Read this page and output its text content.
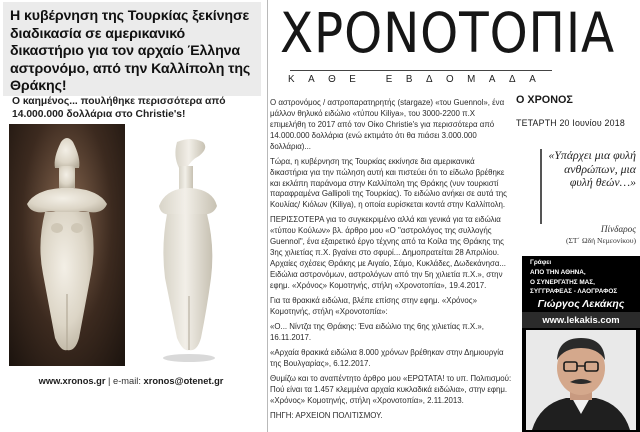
Η κυβέρνηση της Τουρκίας ξεκίνησε διαδικασία σε αμερικανικό δικαστήριο για τον αρχαίο Έλληνα αστρονόμο, από την Καλλίπολη της Θράκης!
Ο καημένος... πουλήθηκε περισσότερα από 14.000.000 δολλάρια στο Christie's!
www.xronos.gr | e-mail: xronos@otenet.gr
ΧΡΟΝΟΤΟΠΙΑ
ΚΑΘΕ ΕΒΔΟΜΑΔΑ

Ο αστρονόμος / αστροπαρατηρητής (stargaze) «του Guennol», ένα μάλλον θηλυκό ειδώλιο «τύπου Kiliya», του 3000-2200 π.Χ επιμελήθη το 2017 από τον Οίκο Christie's για περισσότερα από 14.000.000 δολλάρια (ενώ εκτιμάτο ότι θα πιάσει 3.000.000 δολλάρια)...

Τώρα, η κυβέρνηση της Τουρκίας εκκίνησε δια αμερικανικά δικαστήρια για την πώληση αυτή και πιστεύει ότι το είδωλο βρέθηκε και εκλάπη παράνομα στην Καλλίπολη της Θράκης (νυν τουρκιστί παραφραμένα Gallipoli της Τουρκίας). Το ειδώλιο ανήκει σε αυτά της Κουλίας/ Κιόλων (Kiliya), η οποία ευρίσκεται κοντά στην Καλλίπολη.

ΠΕΡΙΣΣΟΤΕΡΑ για το συγκεκριμένο αλλά και γενικά για τα ειδώλια «τύπου Κούλων» βλ. άρθρο μου «Ο "αστρολόγος της συλλογής Guennol", ένα εξαιρετικό έργο τέχνης από τα Κοίλα της Θράκης της 3ης χιλιετίας π.Χ. βγαίνει στο σφυρί... Δημοπρατείται 28 Απριλίου. Αρχαίες σχέσεις Θράκης με Αιγαίο, Σάμο, Κυκλάδες, Δωδεκάνησα... Ειδώλια αστρονόμων, αστρολόγων από την 5η χιλιετία π.Χ.», στην εφημ. «Χρόνος» Κομοτηνής, στήλη «Χρονοτοπία», 19.4.2017.

Για τα θρακικά ειδώλια, βλέπε επίσης στην εφημ. «Χρόνος» Κομοτηνής, στήλη «Χρονοτοπία»:

«Ο... Νίντζα της Θράκης: Ένα ειδώλιο της 6ης χιλιετίας π.Χ.», 16.11.2017.

«Αρχαία θρακικά ειδώλια 8.000 χρόνων βρέθηκαν στην Δημιουργία της Βουλγαρίας», 6.12.2017.

Θυμίζω και το αναπέντητο άρθρο μου «ΕΡΩΤΑΤΑ! το υπ. Πολιτισμού: Πού είναι τα 1.457 κλεμμένα αρχαία κυκλαδικά ειδώλια», στην εφημ. «Χρόνος» Κομοτηνής, στήλη «Χρονοτοπία», 2.11.2013.

ΠΗΓΗ: ΑΡΧΕΙΟΝ ΠΟΛΙΤΙΣΜΟΥ.

Ο ΧΡΟΝΟΣ
ΤΕΤΑΡΤΗ 20 Ιουνίου 2018
«Υπάρχει μια φυλή ανθρώπων, μια φυλή θεών…»
Πίνδαρος
(ΣΤ΄ Ωδή Νεμεονίκου)
Γράφει
ΑΠΟ ΤΗΝ ΑΘΗΝΑ,
Ο ΣΥΝΕΡΓΑΤΗΣ ΜΑΣ,
ΣΥΓΓΡΑΦΕΑΣ - ΛΑΟΓΡΑΦΟΣ
Γιώργος Λεκάκης
www.lekakis.com
